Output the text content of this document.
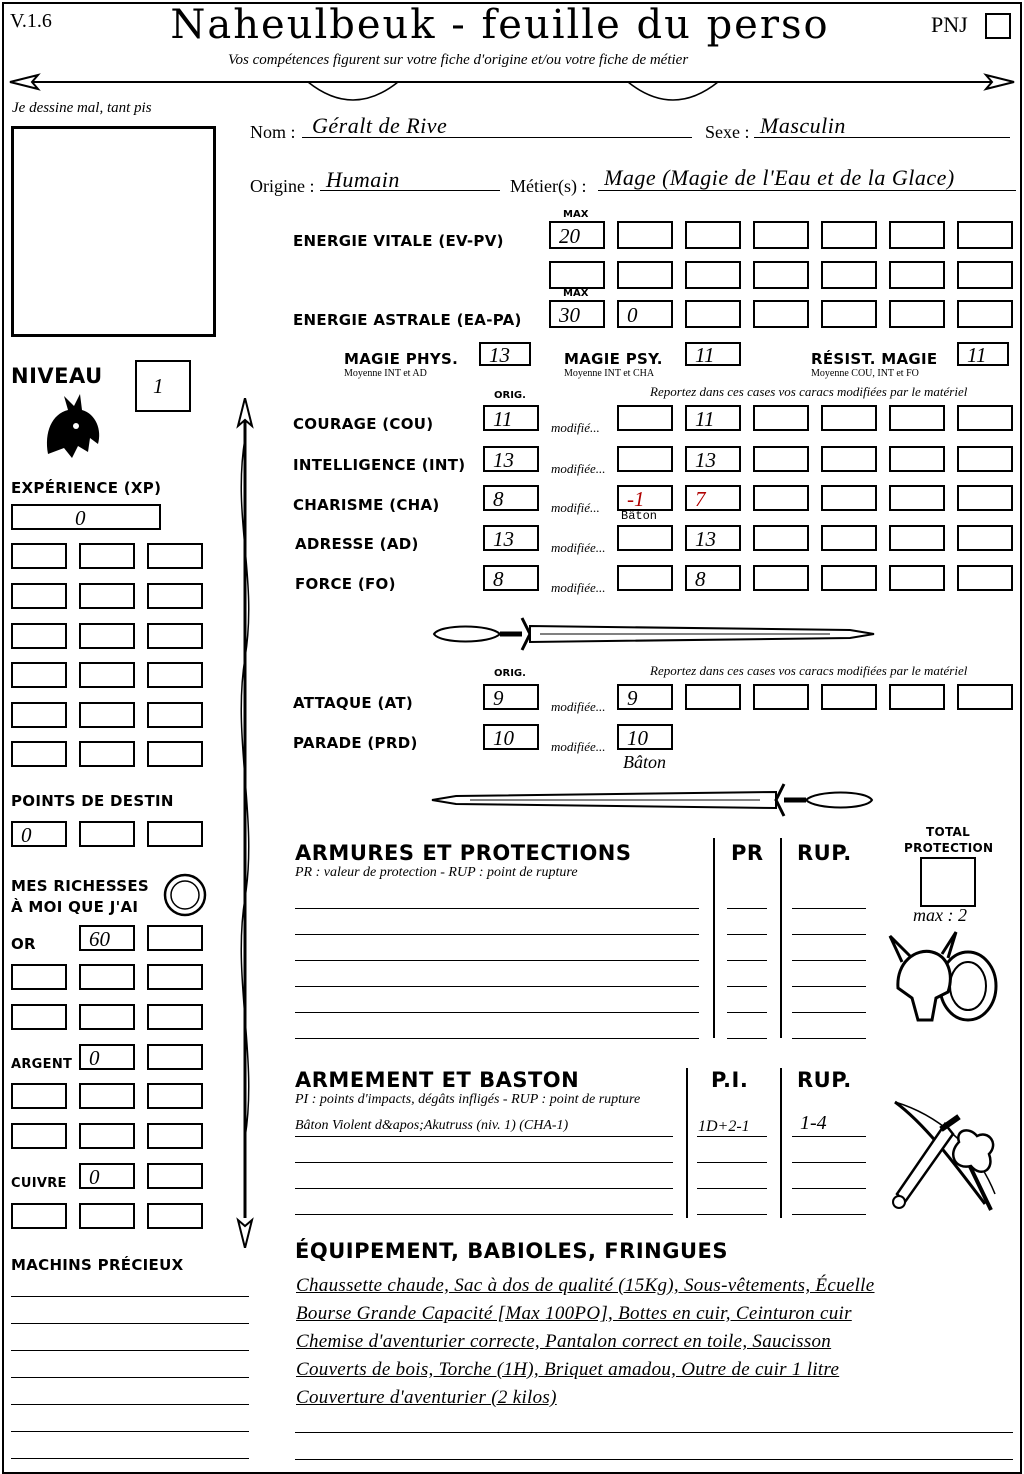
V.1.6	Naheulbeuk - feuille du perso	PNJ
Vos compétences figurent sur votre fiche d'origine et/ou votre fiche de métier
Je dessine mal, tant pis
Nom : Géralt de Rive	Sexe : Masculin
Origine : Humain	Métier(s) : Mage (Magie de l'Eau et de la Glace)
MAX
ENERGIE VITALE (EV-PV)	20
MAX
ENERGIE ASTRALE (EA-PA)	30	0
MAGIE PHYS.
Moyenne INT et AD
13	MAGIE PSY.
Moyenne INT et CHA
11	RÉSIST. MAGIE
Moyenne COU, INT et FO
11
NIVEAU	1
EXPÉRIENCE (XP)
0
POINTS DE DESTIN
0
MES RICHESSES
À MOI QUE J'AI
OR	60
ARGENT 0
CUIVRE	0
MACHINS PRÉCIEUX
ORIG.	Reportez dans ces cases vos caracs modifiées par le matériel
COURAGE (COU)	11	modifié...	11
INTELLIGENCE (INT)	13	modifiée...	13
CHARISME (CHA)	8	modifié...	-1	7
Bâton
ADRESSE (AD)	13	modifiée...	13
FORCE (FO)	8	modifiée...	8
ORIG.	Reportez dans ces cases vos caracs modifiées par le matériel
ATTAQUE (AT)	9	modifiée...	9
PARADE (PRD)	10	modifiée...	10
Bâton
ARMURES ET PROTECTIONS
PR : valeur de protection - RUP : point de rupture
PR RUP.
TOTAL
PROTECTION
max : 2
ARMEMENT ET BASTON
PI : points d'impacts, dégâts infligés - RUP : point de rupture
P.I. RUP.
Bâton Violent d&apos;Akutruss (niv. 1) (CHA-1)	1D+2-1	1-4
ÉQUIPEMENT, BABIOLES, FRINGUES
Chaussette chaude, Sac à dos de qualité (15Kg), Sous-vêtements, Écuelle
Bourse Grande Capacité [Max 100PO], Bottes en cuir, Ceinturon cuir
Chemise d'aventurier correcte, Pantalon correct en toile, Saucisson
Couverts de bois, Torche (1H), Briquet amadou, Outre de cuir 1 litre
Couverture d'aventurier (2 kilos)
